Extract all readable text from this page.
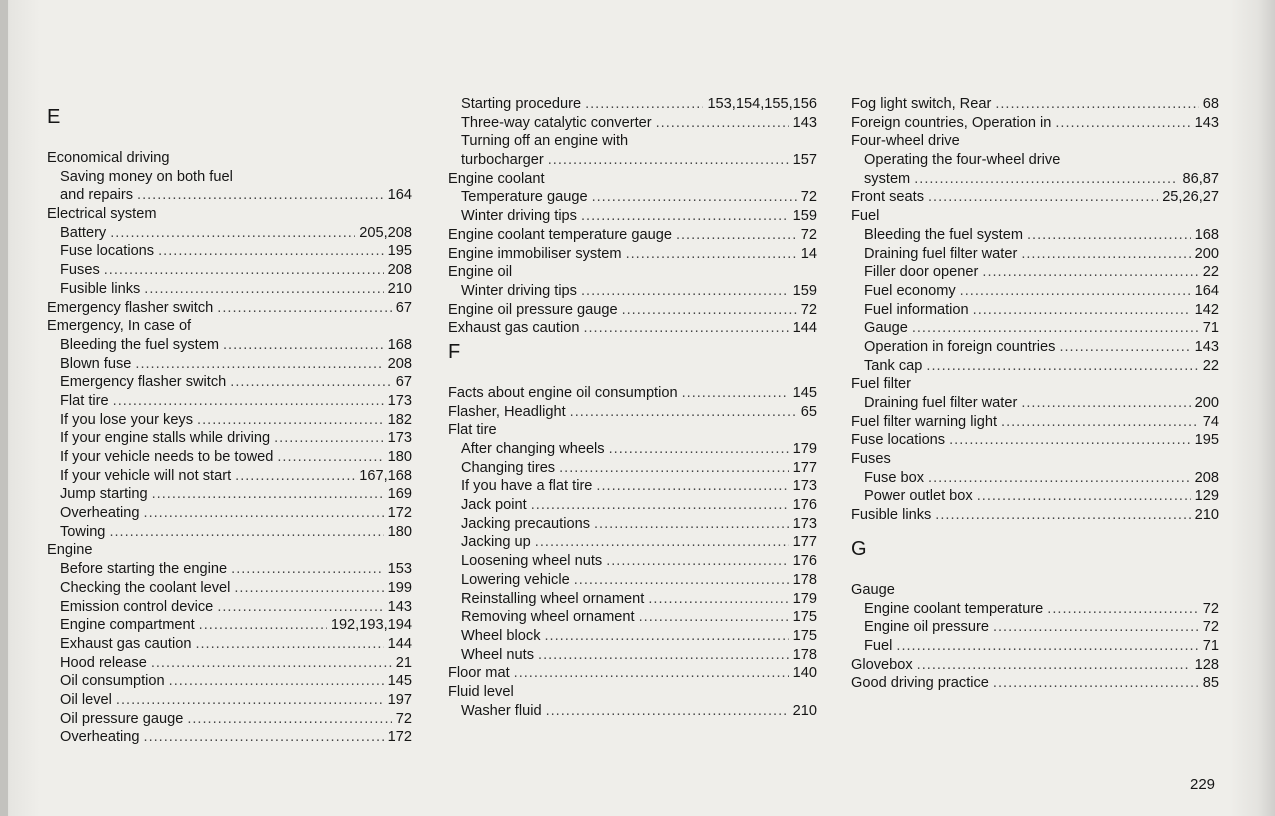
E
Economical driving
Saving money on both fuel
and repairs .....	164
Electrical system
Battery .....	205,208
Fuse locations .....	195
Fuses .....	208
Fusible links .....	210
Emergency flasher switch .....	67
Emergency, In case of
Bleeding the fuel system .....	168
Blown fuse .....	208
Emergency flasher switch .....	67
Flat tire .....	173
If you lose your keys .....	182
If your engine stalls while driving .....	173
If your vehicle needs to be towed .....	180
If your vehicle will not start .....	167,168
Jump starting .....	169
Overheating .....	172
Towing .....	180
Engine
Before starting the engine .....	153
Checking the coolant level .....	199
Emission control device .....	143
Engine compartment .....	192,193,194
Exhaust gas caution .....	144
Hood release .....	21
Oil consumption .....	145
Oil level .....	197
Oil pressure gauge .....	72
Overheating .....	172
Starting procedure .....	153,154,155,156
Three-way catalytic converter .....	143
Turning off an engine with
turbocharger .....	157
Engine coolant
Temperature gauge .....	72
Winter driving tips .....	159
Engine coolant temperature gauge .....	72
Engine immobiliser system .....	14
Engine oil
Winter driving tips .....	159
Engine oil pressure gauge .....	72
Exhaust gas caution .....	144
F
Facts about engine oil consumption .....	145
Flasher, Headlight .....	65
Flat tire
After changing wheels .....	179
Changing tires .....	177
If you have a flat tire .....	173
Jack point .....	176
Jacking precautions .....	173
Jacking up .....	177
Loosening wheel nuts .....	176
Lowering vehicle .....	178
Reinstalling wheel ornament .....	179
Removing wheel ornament .....	175
Wheel block .....	175
Wheel nuts .....	178
Floor mat .....	140
Fluid level
Washer fluid .....	210
Fog light switch, Rear .....	68
Foreign countries, Operation in .....	143
Four-wheel drive
Operating the four-wheel drive
system .....	86,87
Front seats .....	25,26,27
Fuel
Bleeding the fuel system .....	168
Draining fuel filter water .....	200
Filler door opener .....	22
Fuel economy .....	164
Fuel information .....	142
Gauge .....	71
Operation in foreign countries .....	143
Tank cap .....	22
Fuel filter
Draining fuel filter water .....	200
Fuel filter warning light .....	74
Fuse locations .....	195
Fuses
Fuse box .....	208
Power outlet box .....	129
Fusible links .....	210
G
Gauge
Engine coolant temperature .....	72
Engine oil pressure .....	72
Fuel .....	71
Glovebox .....	128
Good driving practice .....	85
229
